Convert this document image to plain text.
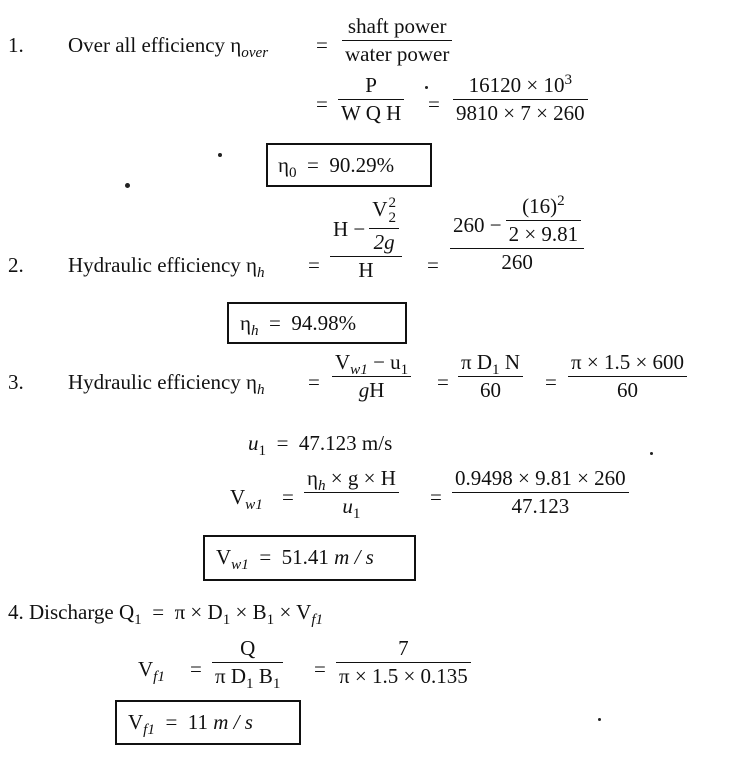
1. Over all efficiency $\eta_{over}$ =
shaft power
water power
=
P
W Q H =
$16120 \times 10^3$
9810 × 7 × 260
$\eta_0 = 90.29\%$
2. Hydraulic efficiency $\eta_h$ =
H − V 2
2
2g
H	=
$260 - \frac{(16)^2}{2 \times 9.81}$
260
$\eta_h = 94.98\%$
3. Hydraulic efficiency $\eta_h$ =
$V_{w1} - u_1$
gH	=
π $D_1$ N
60 =
π × 1.5 × 600
60
$u_1 = 47.123$ m/s
$V_{w1}$ =
$\eta_h \times g \times H$
$u_1$
=
0.9498 × 9.81 × 260
47.123
$V_{w1} = 51.41$ m / s
4. Discharge $Q_1 = \pi \times D_1 \times B_1 \times V_{f1}$
$V_{f1}$ =
Q
π $D_1$ $B_1$
=
7
π × 1.5 × 0.135
$V_{f1} = 11$ m / s
